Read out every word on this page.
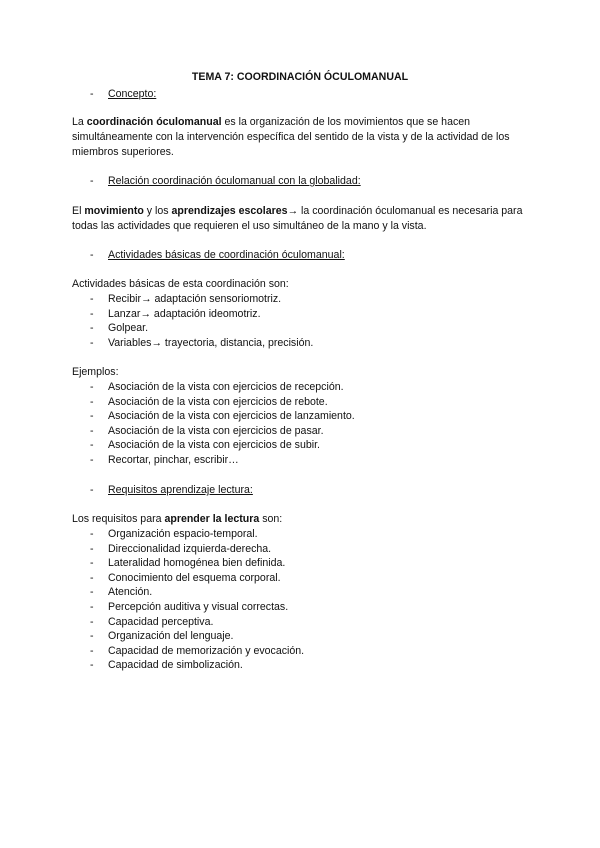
TEMA 7: COORDINACIÓN ÓCULOMANUAL
- Concepto:
La coordinación óculomanual es la organización de los movimientos que se hacen simultáneamente con la intervención específica del sentido de la vista y de la actividad de los miembros superiores.
- Relación coordinación óculomanual con la globalidad:
El movimiento y los aprendizajes escolares→ la coordinación óculomanual es necesaria para todas las actividades que requieren el uso simultáneo de la mano y la vista.
- Actividades básicas de coordinación óculomanual:
Actividades básicas de esta coordinación son:
- Recibir→ adaptación sensoriomotriz.
- Lanzar→ adaptación ideomotriz.
- Golpear.
- Variables→ trayectoria, distancia, precisión.
Ejemplos:
- Asociación de la vista con ejercicios de recepción.
- Asociación de la vista con ejercicios de rebote.
- Asociación de la vista con ejercicios de lanzamiento.
- Asociación de la vista con ejercicios de pasar.
- Asociación de la vista con ejercicios de subir.
- Recortar, pinchar, escribir…
- Requisitos aprendizaje lectura:
Los requisitos para aprender la lectura son:
- Organización espacio-temporal.
- Direccionalidad izquierda-derecha.
- Lateralidad homogénea bien definida.
- Conocimiento del esquema corporal.
- Atención.
- Percepción auditiva y visual correctas.
- Capacidad perceptiva.
- Organización del lenguaje.
- Capacidad de memorización y evocación.
- Capacidad de simbolización.
